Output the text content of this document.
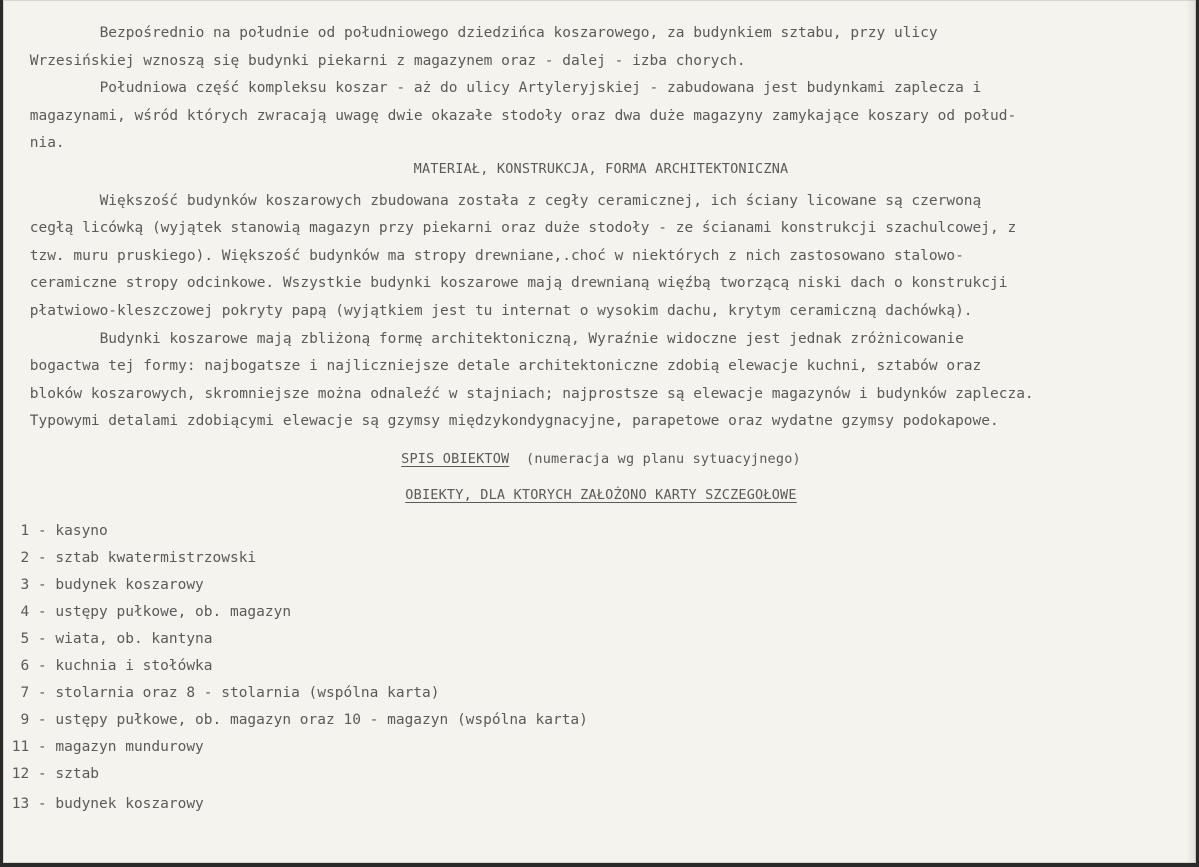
Bezpośrednio na południe od południowego dziedzińca koszarowego, za budynkiem sztabu, przy ulicy
Wrzesińskiej wznoszą się budynki piekarni z magazynem oraz - dalej - izba chorych.
Południowa część kompleksu koszar - aż do ulicy Artyleryjskiej - zabudowana jest budynkami zaplecza i
magazynami, wśród których zwracają uwagę dwie okazałe stodoły oraz dwa duże magazyny zamykające koszary od połud-
nia.
MATERIAŁ, KONSTRUKCJA, FORMA ARCHITEKTONICZNA
Większość budynków koszarowych zbudowana została z cegły ceramicznej, ich ściany licowane są czerwoną
cegłą licówką (wyjątek stanowią magazyn przy piekarni oraz duże stodoły - ze ścianami konstrukcji szachulcowej, z
tzw. muru pruskiego). Większość budynków ma stropy drewniane,.choć w niektórych z nich zastosowano stalowo-
ceramiczne stropy odcinkowe. Wszystkie budynki koszarowe mają drewnianą więźbą tworzącą niski dach o konstrukcji
płatwiowo-kleszczowej pokryty papą (wyjątkiem jest tu internat o wysokim dachu, krytym ceramiczną dachówką).
Budynki koszarowe mają zbliżoną formę architektoniczną, Wyraźnie widoczne jest jednak zróżnicowanie
bogactwa tej formy: najbogatsze i najliczniejsze detale architektoniczne zdobią elewacje kuchni, sztabów oraz
bloków koszarowych, skromniejsze można odnaleźć w stajniach; najprostsze są elewacje magazynów i budynków zaplecza.
Typowymi detalami zdobiącymi elewacje są gzymsy międzykondygnacyjne, parapetowe oraz wydatne gzymsy podokapowe.
SPIS OBIEKTOW  (numeracja wg planu sytuacyjnego)
OBIEKTY, DLA KTORYCH ZAŁOŻONO KARTY SZCZEGOŁOWE
1 - kasyno
2 - sztab kwatermistrzowski
3 - budynek koszarowy
4 - ustępy pułkowe, ob. magazyn
5 - wiata, ob. kantyna
6 - kuchnia i stołówka
7 - stolarnia oraz 8 - stolarnia (wspólna karta)
9 - ustępy pułkowe, ob. magazyn oraz 10 - magazyn (wspólna karta)
11 - magazyn mundurowy
12 - sztab
13 - budynek koszarowy
